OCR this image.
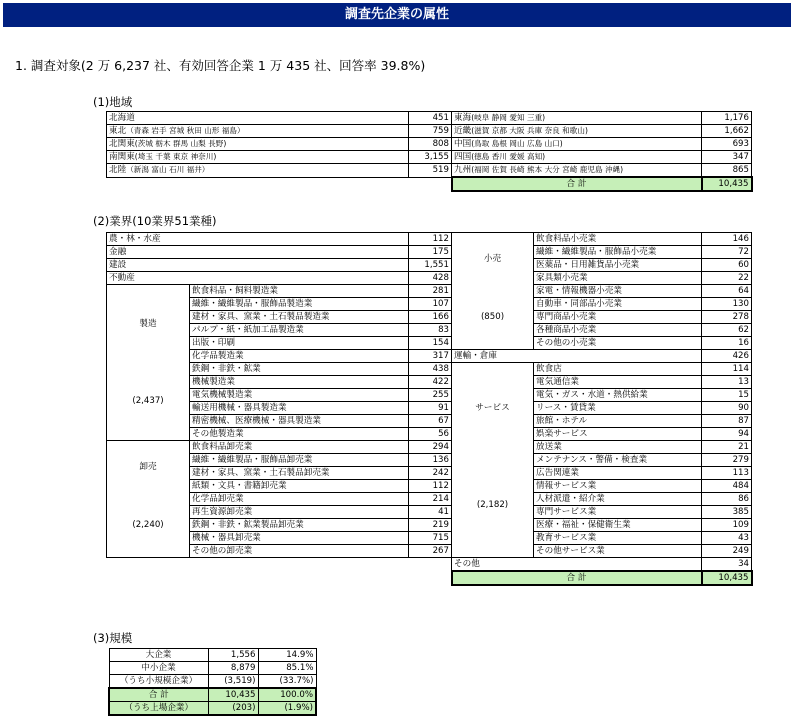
調査先企業の属性
1. 調査対象(2 万 6,237 社、有効回答企業 1 万 435 社、回答率 39.8%)
(1)地域
北海道	451	東海(岐阜 静岡 愛知 三重)	1,176
東北（青森 岩手 宮城 秋田 山形 福島）	759	近畿(滋賀 京都 大阪 兵庫 奈良 和歌山)	1,662
北関東(茨城 栃木 群馬 山梨 長野)	808	中国(鳥取 島根 岡山 広島 山口)	693
南関東(埼玉 千葉 東京 神奈川)	3,155	四国(徳島 香川 愛媛 高知)	347
北陸（新潟 富山 石川 福井）	519	九州(福岡 佐賀 長崎 熊本 大分 宮崎 鹿児島 沖縄)	865
		合 計	10,435
(2)業界(10業界51業種)
農・林・水産		112	小売	飲食料品小売業	146
金融		175		繊維・繊維製品・服飾品小売業	72
建設		1,551		医薬品・日用雑貨品小売業	60
不動産		428		家具類小売業	22
製造	飲食料品・飼料製造業	281	(850)	家電・情報機器小売業	64
	繊維・繊維製品・服飾品製造業	107		自動車・同部品小売業	130
	建材・家具、窯業・土石製品製造業	166		専門商品小売業	278
	パルプ・紙・紙加工品製造業	83		各種商品小売業	62
	出版・印刷	154		その他の小売業	16
	化学品製造業	317	運輸・倉庫		426
(2,437)	鉄鋼・非鉄・鉱業	438	サービス	飲食店	114
	機械製造業	422		電気通信業	13
	電気機械製造業	255		電気・ガス・水道・熱供給業	15
	輸送用機械・器具製造業	91		リース・賃貸業	90
	精密機械、医療機械・器具製造業	67		旅館・ホテル	87
	その他製造業	56		娯楽サービス	94
卸売	飲食料品卸売業	294		放送業	21
	繊維・繊維製品・服飾品卸売業	136	(2,182)	メンテナンス・警備・検査業	279
	建材・家具、窯業・土石製品卸売業	242		広告関連業	113
	紙類・文具・書籍卸売業	112		情報サービス業	484
(2,240)	化学品卸売業	214		人材派遣・紹介業	86
	再生資源卸売業	41		専門サービス業	385
	鉄鋼・非鉄・鉱業製品卸売業	219		医療・福祉・保健衛生業	109
	機械・器具卸売業	715		教育サービス業	43
	その他の卸売業	267		その他サービス業	249
			その他		34
			合 計		10,435
(3)規模
大企業	1,556	14.9%
中小企業	8,879	85.1%
（うち小規模企業）	(3,519)	(33.7%)
合 計	10,435	100.0%
（うち上場企業）	(203)	(1.9%)
